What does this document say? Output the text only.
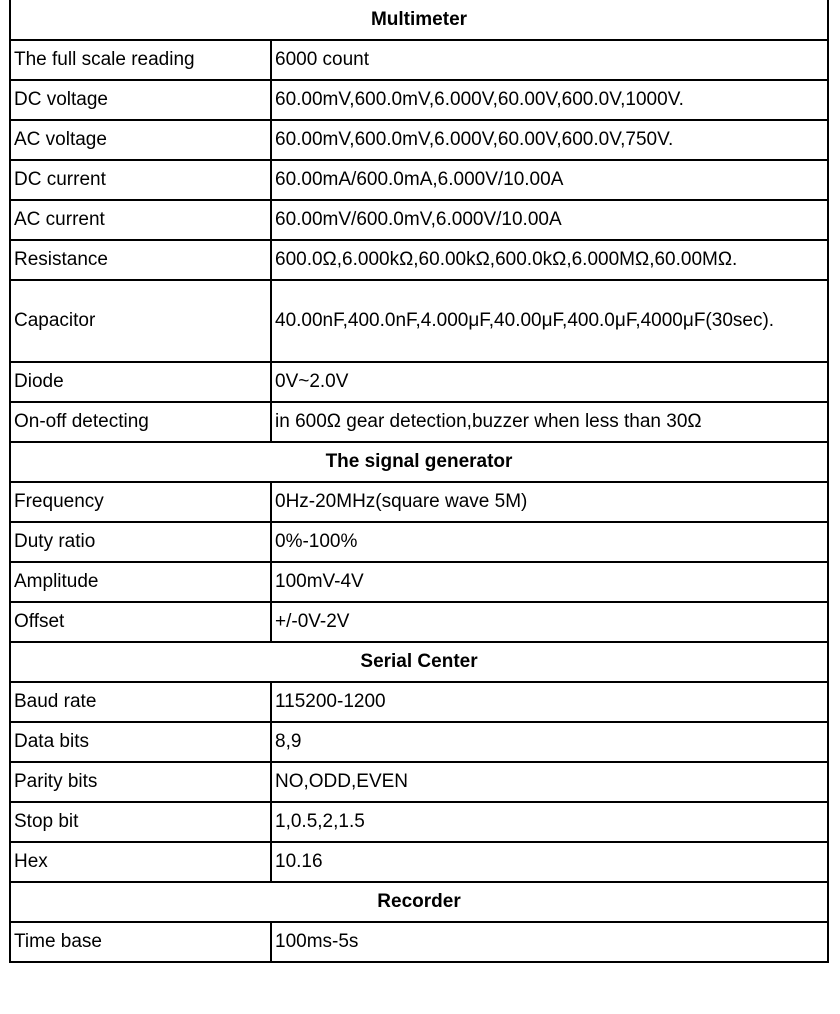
Multimeter	
The full scale reading	6000 count
DC voltage	60.00mV,600.0mV,6.000V,60.00V,600.0V,1000V.
AC voltage	60.00mV,600.0mV,6.000V,60.00V,600.0V,750V.
DC current	60.00mA/600.0mA,6.000V/10.00A
AC current	60.00mV/600.0mV,6.000V/10.00A
Resistance	600.0Ω,6.000kΩ,60.00kΩ,600.0kΩ,6.000MΩ,60.00MΩ.
Capacitor	40.00nF,400.0nF,4.000μF,40.00μF,400.0μF,4000μF(30sec).
Diode	0V~2.0V
On-off detecting	in 600Ω gear detection,buzzer when less than 30Ω
The signal generator	
Frequency	0Hz-20MHz(square wave 5M)
Duty ratio	0%-100%
Amplitude	100mV-4V
Offset	+/-0V-2V
Serial Center	
Baud rate	115200-1200
Data bits	8,9
Parity bits	NO,ODD,EVEN
Stop bit	1,0.5,2,1.5
Hex	10.16
Recorder	
Time base	100ms-5s
